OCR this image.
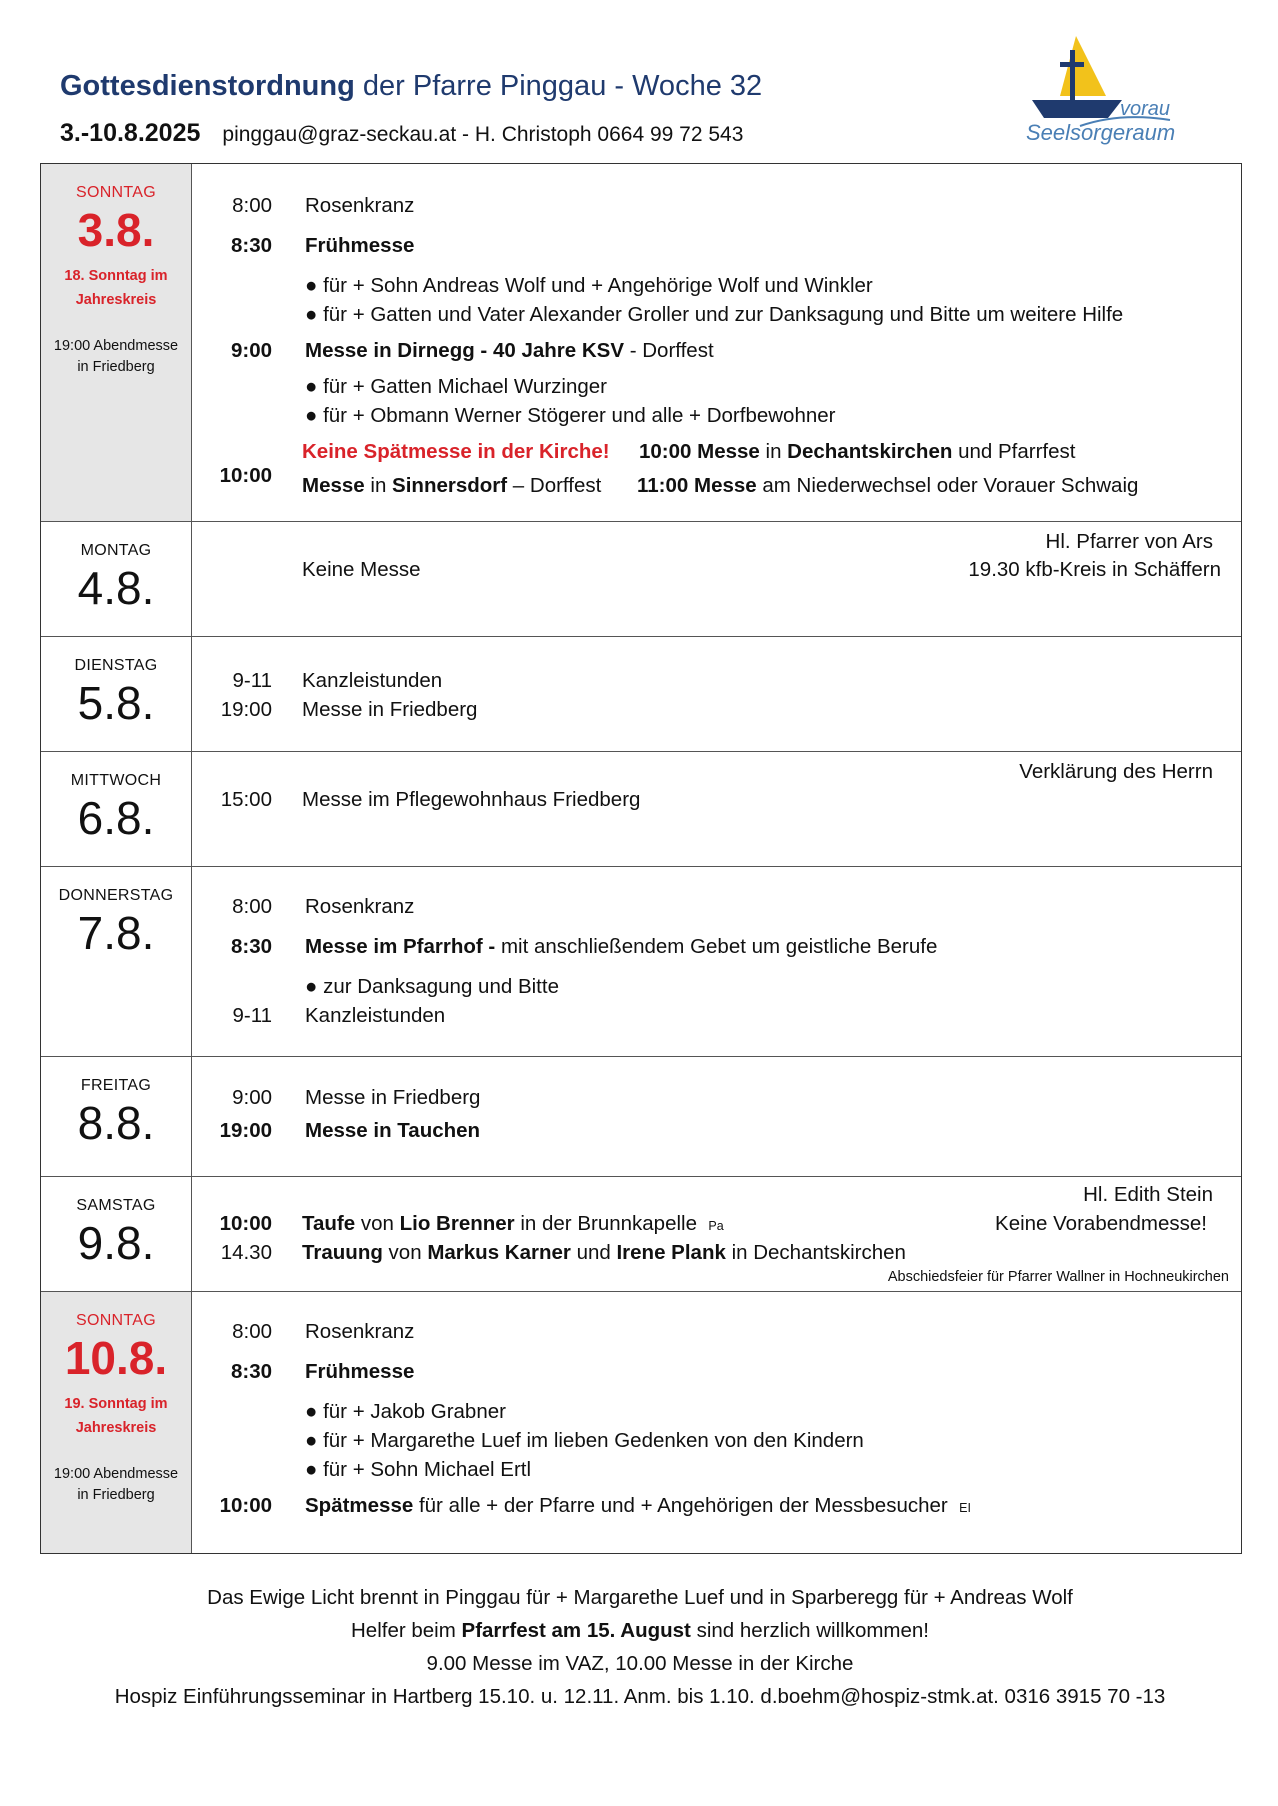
Gottesdienstordnung der Pfarre Pinggau - Woche 32
3.-10.8.2025 pinggau@graz-seckau.at - H. Christoph 0664 99 72 543
vorau
Seelsorgeraum
SONNTAG
3.8.
18. Sonntag im
Jahreskreis
19:00 Abendmesse
in Friedberg
8:00 Rosenkranz
8:30 Frühmesse
● für + Sohn Andreas Wolf und + Angehörige Wolf und Winkler
● für + Gatten und Vater Alexander Groller und zur Danksagung und Bitte um weitere Hilfe
9:00 Messe in Dirnegg - 40 Jahre KSV - Dorffest
● für + Gatten Michael Wurzinger
● für + Obmann Werner Stögerer und alle + Dorfbewohner
Keine Spätmesse in der Kirche! 10:00 Messe in Dechantskirchen und Pfarrfest
10:00 Messe in Sinnersdorf – Dorffest 11:00 Messe am Niederwechsel oder Vorauer Schwaig
MONTAG
4.8.
Hl. Pfarrer von Ars
Keine Messe	19.30 kfb-Kreis in Schäffern
DIENSTAG
5.8.	9-11 Kanzleistunden
19:00 Messe in Friedberg
MITTWOCH
6.8.
Verklärung des Herrn
15:00 Messe im Pflegewohnhaus Friedberg
DONNERSTAG
7.8.
8:00 Rosenkranz
8:30 Messe im Pfarrhof - mit anschließendem Gebet um geistliche Berufe
● zur Danksagung und Bitte
9-11 Kanzleistunden
FREITAG
8.8.	9:00 Messe in Friedberg
19:00 Messe in Tauchen
SAMSTAG
9.8.
Hl. Edith Stein
10:00 Taufe von Lio Brenner in der Brunnkapelle Pa	Keine Vorabendmesse!
14.30 Trauung von Markus Karner und Irene Plank in Dechantskirchen
Abschiedsfeier für Pfarrer Wallner in Hochneukirchen
SONNTAG
10.8.
19. Sonntag im
Jahreskreis
19:00 Abendmesse
in Friedberg
8:00 Rosenkranz
8:30 Frühmesse
● für + Jakob Grabner
● für + Margarethe Luef im lieben Gedenken von den Kindern
● für + Sohn Michael Ertl
10:00 Spätmesse für alle + der Pfarre und + Angehörigen der Messbesucher EI
Das Ewige Licht brennt in Pinggau für + Margarethe Luef und in Sparberegg für + Andreas Wolf
Helfer beim Pfarrfest am 15. August sind herzlich willkommen!
9.00 Messe im VAZ, 10.00 Messe in der Kirche
Hospiz Einführungsseminar in Hartberg 15.10. u. 12.11. Anm. bis 1.10. d.boehm@hospiz-stmk.at. 0316 3915 70 -13
